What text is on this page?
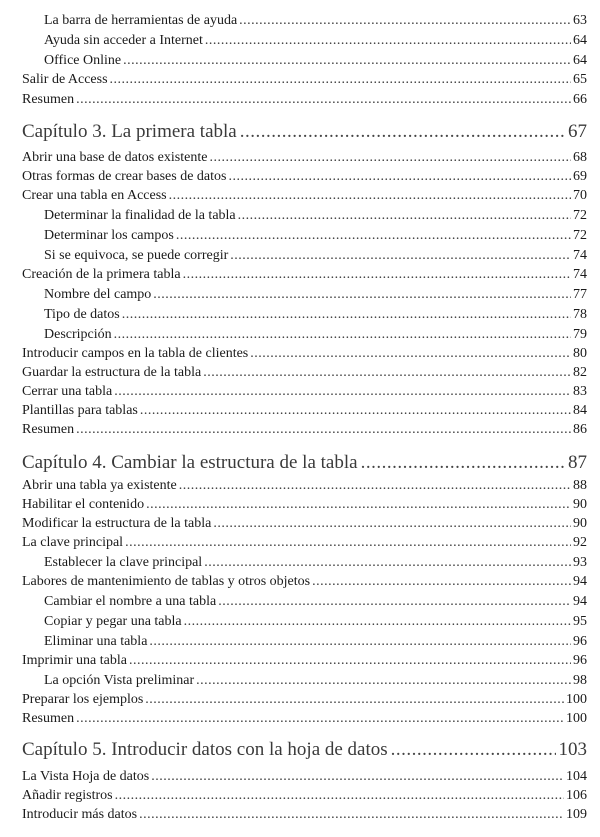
La barra de herramientas de ayuda .....	63
Ayuda sin acceder a Internet .....	64
Office Online .....	64
Salir de Access .....	65
Resumen .....	66
Capítulo 3. La primera tabla .....	67
Abrir una base de datos existente .....	68
Otras formas de crear bases de datos .....	69
Crear una tabla en Access .....	70
Determinar la finalidad de la tabla .....	72
Determinar los campos .....	72
Si se equivoca, se puede corregir .....	74
Creación de la primera tabla .....	74
Nombre del campo .....	77
Tipo de datos .....	78
Descripción .....	79
Introducir campos en la tabla de clientes .....	80
Guardar la estructura de la tabla .....	82
Cerrar una tabla .....	83
Plantillas para tablas .....	84
Resumen .....	86
Capítulo 4. Cambiar la estructura de la tabla .....	87
Abrir una tabla ya existente .....	88
Habilitar el contenido .....	90
Modificar la estructura de la tabla .....	90
La clave principal .....	92
Establecer la clave principal .....	93
Labores de mantenimiento de tablas y otros objetos .....	94
Cambiar el nombre a una tabla .....	94
Copiar y pegar una tabla .....	95
Eliminar una tabla .....	96
Imprimir una tabla .....	96
La opción Vista preliminar .....	98
Preparar los ejemplos .....	100
Resumen .....	100
Capítulo 5. Introducir datos con la hoja de datos .....	103
La Vista Hoja de datos .....	104
Añadir registros .....	106
Introducir más datos .....	109
